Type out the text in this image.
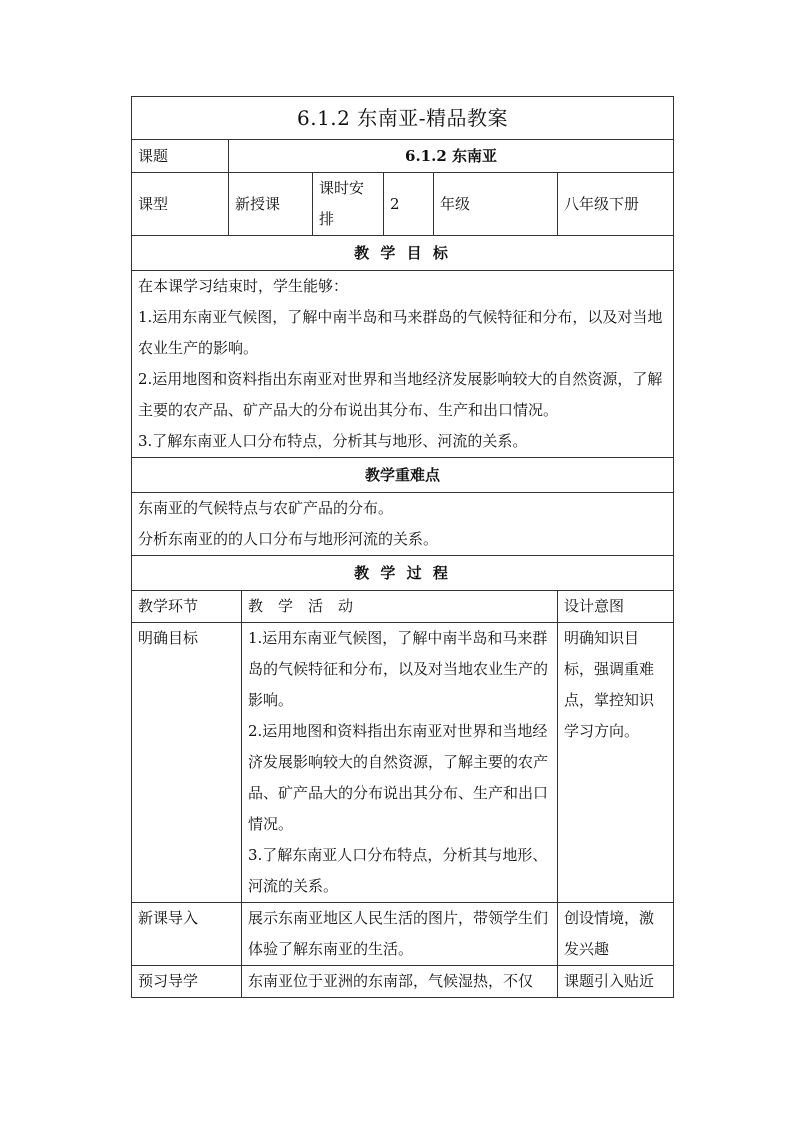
6.1.2 东南亚-精品教案						
课题	6.1.2 东南亚					
课型	新授课		课时安排	2	年级	八年级下册
教 学 目 标						

在本课学习结束时，学生能够：

1.运用东南亚气候图，了解中南半岛和马来群岛的气候特征和分布，以及对当地农业生产的影响。

2.运用地图和资料指出东南亚对世界和当地经济发展影响较大的自然资源，了解主要的农产品、矿产品大的分布说出其分布、生产和出口情况。

3.了解东南亚人口分布特点，分析其与地形、河流的关系。						

教学重难点						

东南亚的气候特点与农矿产品的分布。

分析东南亚的的人口分布与地形河流的关系。						

教 学 过 程						
教学环节		教　学　活　动				设计意图
明确目标		1.运用东南亚气候图，了解中南半岛和马来群岛的气候特征和分布，以及对当地农业生产的影响。

2.运用地图和资料指出东南亚对世界和当地经济发展影响较大的自然资源，了解主要的农产品、矿产品大的分布说出其分布、生产和出口情况。

3.了解东南亚人口分布特点，分析其与地形、河流的关系。				明确知识目标，强调重难点，掌控知识学习方向。
新课导入		展示东南亚地区人民生活的图片，带领学生们体验了解东南亚的生活。				创设情境，激发兴趣
预习导学		东南亚位于亚洲的东南部，气候湿热，不仅				课题引入贴近
